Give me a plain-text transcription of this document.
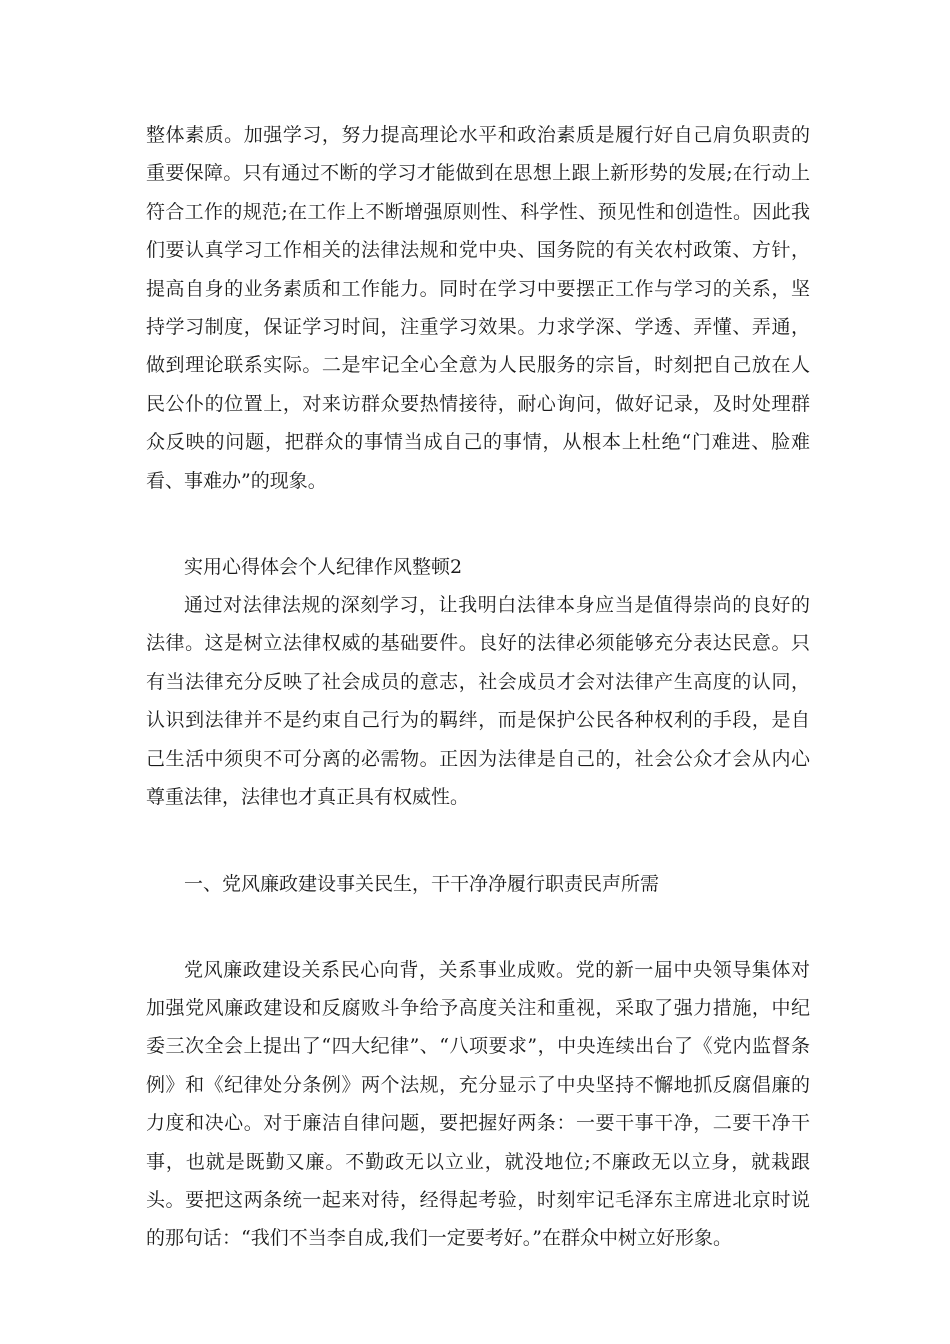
整体素质。加强学习，努力提高理论水平和政治素质是履行好自己肩负职责的重要保障。只有通过不断的学习才能做到在思想上跟上新形势的发展;在行动上符合工作的规范;在工作上不断增强原则性、科学性、预见性和创造性。因此我们要认真学习工作相关的法律法规和党中央、国务院的有关农村政策、方针，提高自身的业务素质和工作能力。同时在学习中要摆正工作与学习的关系，坚持学习制度，保证学习时间，注重学习效果。力求学深、学透、弄懂、弄通，做到理论联系实际。二是牢记全心全意为人民服务的宗旨，时刻把自己放在人民公仆的位置上，对来访群众要热情接待，耐心询问，做好记录，及时处理群众反映的问题，把群众的事情当成自己的事情，从根本上杜绝“门难进、脸难看、事难办”的现象。

实用心得体会个人纪律作风整顿2

通过对法律法规的深刻学习，让我明白法律本身应当是值得崇尚的良好的法律。这是树立法律权威的基础要件。良好的法律必须能够充分表达民意。只有当法律充分反映了社会成员的意志，社会成员才会对法律产生高度的认同，认识到法律并不是约束自己行为的羁绊，而是保护公民各种权利的手段，是自己生活中须臾不可分离的必需物。正因为法律是自己的，社会公众才会从内心尊重法律，法律也才真正具有权威性。

一、党风廉政建设事关民生，干干净净履行职责民声所需

党风廉政建设关系民心向背，关系事业成败。党的新一届中央领导集体对加强党风廉政建设和反腐败斗争给予高度关注和重视，采取了强力措施，中纪委三次全会上提出了“四大纪律”、“八项要求”，中央连续出台了《党内监督条例》和《纪律处分条例》两个法规，充分显示了中央坚持不懈地抓反腐倡廉的力度和决心。对于廉洁自律问题，要把握好两条：一要干事干净，二要干净干事，也就是既勤又廉。不勤政无以立业，就没地位;不廉政无以立身，就栽跟头。要把这两条统一起来对待，经得起考验，时刻牢记毛泽东主席进北京时说的那句话：“我们不当李自成,我们一定要考好。”在群众中树立好形象。
